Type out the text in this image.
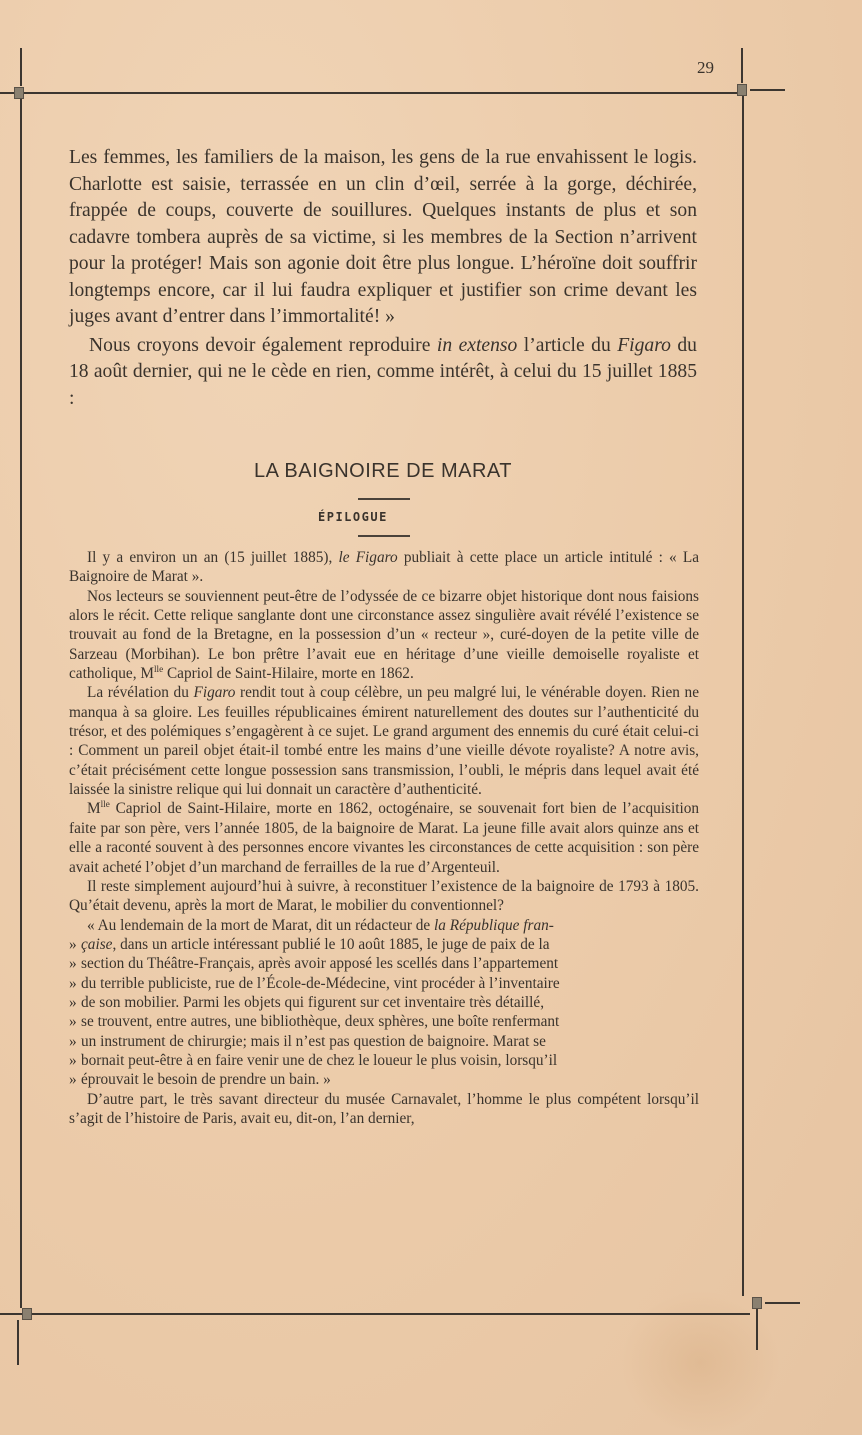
29

Les femmes, les familiers de la maison, les gens de la rue envahissent le logis. Charlotte est saisie, terrassée en un clin d’œil, serrée à la gorge, déchirée, frappée de coups, couverte de souillures. Quelques instants de plus et son cadavre tombera auprès de sa victime, si les membres de la Section n’arrivent pour la protéger! Mais son agonie doit être plus longue. L’héroïne doit souffrir longtemps encore, car il lui faudra expliquer et justifier son crime devant les juges avant d’entrer dans l’immortalité! »

Nous croyons devoir également reproduire in extenso l’article du Figaro du 18 août dernier, qui ne le cède en rien, comme intérêt, à celui du 15 juillet 1885 :

LA BAIGNOIRE DE MARAT
ÉPILOGUE

Il y a environ un an (15 juillet 1885), le Figaro publiait à cette place un article intitulé : « La Baignoire de Marat ».

Nos lecteurs se souviennent peut-être de l’odyssée de ce bizarre objet historique dont nous faisions alors le récit. Cette relique sanglante dont une circonstance assez singulière avait révélé l’existence se trouvait au fond de la Bretagne, en la possession d’un « recteur », curé-doyen de la petite ville de Sarzeau (Morbihan). Le bon prêtre l’avait eue en héritage d’une vieille demoiselle royaliste et catholique, $M^{lle}$ Capriol de Saint-Hilaire, morte en 1862.

La révélation du Figaro rendit tout à coup célèbre, un peu malgré lui, le vénérable doyen. Rien ne manqua à sa gloire. Les feuilles républicaines émirent naturellement des doutes sur l’authenticité du trésor, et des polémiques s’engagèrent à ce sujet. Le grand argument des ennemis du curé était celui-ci : Comment un pareil objet était-il tombé entre les mains d’une vieille dévote royaliste? A notre avis, c’était précisément cette longue possession sans transmission, l’oubli, le mépris dans lequel avait été laissée la sinistre relique qui lui donnait un caractère d’authenticité.

$M^{lle}$ Capriol de Saint-Hilaire, morte en 1862, octogénaire, se souvenait fort bien de l’acquisition faite par son père, vers l’année 1805, de la baignoire de Marat. La jeune fille avait alors quinze ans et elle a raconté souvent à des personnes encore vivantes les circonstances de cette acquisition : son père avait acheté l’objet d’un marchand de ferrailles de la rue d’Argenteuil.

Il reste simplement aujourd’hui à suivre, à reconstituer l’existence de la baignoire de 1793 à 1805. Qu’était devenu, après la mort de Marat, le mobilier du conventionnel?

« Au lendemain de la mort de Marat, dit un rédacteur de la République fran-

» çaise, dans un article intéressant publié le 10 août 1885, le juge de paix de la
» section du Théâtre-Français, après avoir apposé les scellés dans l’appartement
» du terrible publiciste, rue de l’École-de-Médecine, vint procéder à l’inventaire
» de son mobilier. Parmi les objets qui figurent sur cet inventaire très détaillé,
» se trouvent, entre autres, une bibliothèque, deux sphères, une boîte renfermant
» un instrument de chirurgie; mais il n’est pas question de baignoire. Marat se
» bornait peut-être à en faire venir une de chez le loueur le plus voisin, lorsqu’il
» éprouvait le besoin de prendre un bain. »

D’autre part, le très savant directeur du musée Carnavalet, l’homme le plus compétent lorsqu’il s’agit de l’histoire de Paris, avait eu, dit-on, l’an dernier,
